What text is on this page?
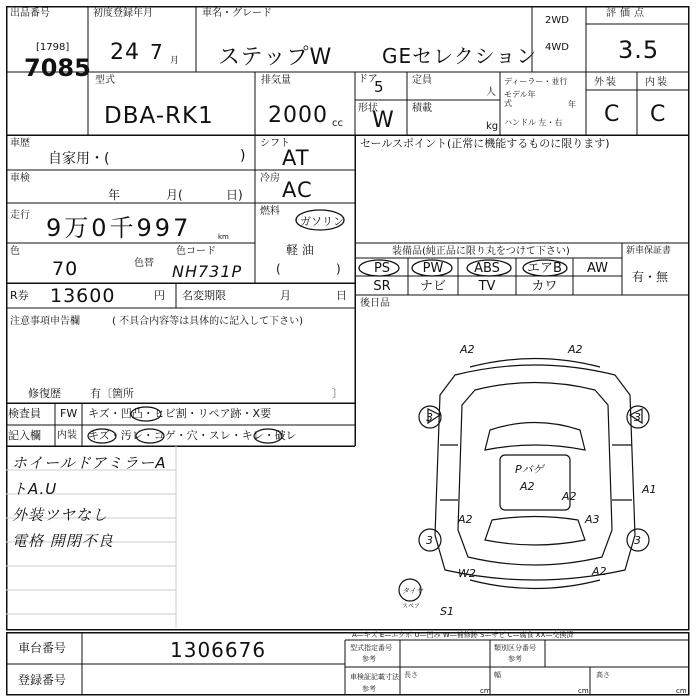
出品番号
[1798]
7085
初度登録年月
24 7 月
車名・グレード
ステップW GEセレクション
2WD
4WD
評価点
3.5
型式
DBA-RK1
排気量
2000 cc
ドア
5
形状
W
定員
人
積載
kg
ディーラー・並行
モデル年式	年
ハンドル 左・右
外装	内装
C C
車歴
自家用・(	)
シフト
AT
車検
年	月(	日)
冷房 AC
走行 9万0千997	km
燃料
ガソリン
軽 油
(	)
色
70	色替
色コード
NH731P
R券 13600	円 名変期限	月	日
注意事項申告欄	( 不具合内容等は具体的に記入して下さい)
修復歴	有〔箇所	〕
検査員
記入欄
FW キズ・凹凸・ヒビ割・リペア跡・X要
内装 キズ・汚レ・コゲ・穴・スレ・キレ・破レ
ホイールドアミラーA
トA.U
外装ツヤなし
電格 開閉不良
セールスポイント(正常に機能するものに限ります)
装備品(純正品に限り丸をつけて下さい)	新車保証書
有・無
PS	PW	ABS	エアB	AW
SR	ナビ	TV	カワ
後日品
A2	A2
3	3
3	3
Pバゲ
A2	A1
A2	A3
A2
A2
W2
S1
タイヤ
スペア
A—キズ E—エクボ U—凹み W—補修跡 S—サビ C—腐食 XX—交換済
車台番号	1306676
登録番号
型式指定番号
参考
類別区分番号
参考
車検証記載寸法
参考
長さ
cm
幅
cm
高さ
cm
